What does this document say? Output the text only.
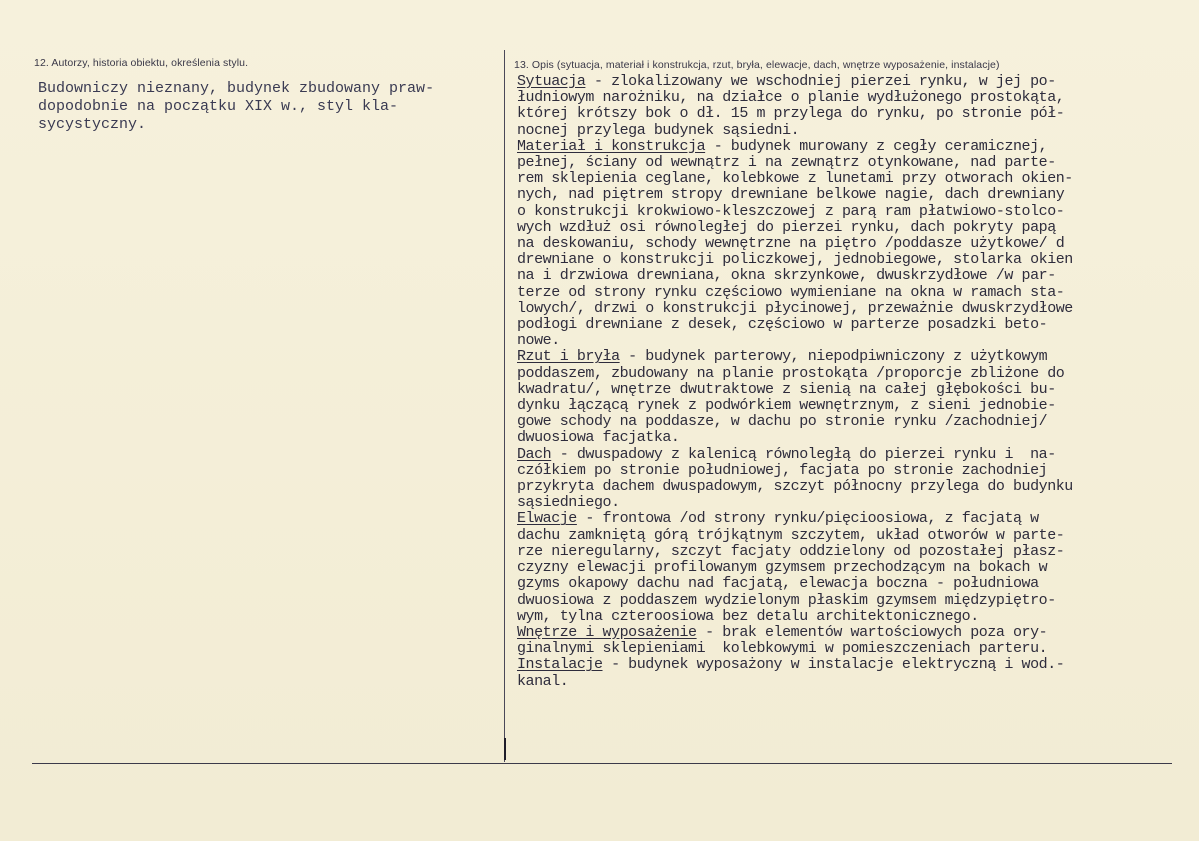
12. Autorzy, historia obiektu, określenia stylu.	13. Opis (sytuacja, materiał i konstrukcja, rzut, bryła, elewacje, dach, wnętrze wyposażenie, instalacje)
Budowniczy nieznany, budynek zbudowany praw-
dopodobnie na początku XIX w., styl kla-
sycystyczny.
Sytuacja - zlokalizowany we wschodniej pierzei rynku, w jej po-
łudniowym narożniku, na działce o planie wydłużonego prostokąta,
której krótszy bok o dł. 15 m przylega do rynku, po stronie pół-
nocnej przylega budynek sąsiedni.
Materiał i konstrukcja - budynek murowany z cegły ceramicznej,
pełnej, ściany od wewnątrz i na zewnątrz otynkowane, nad parte-
rem sklepienia ceglane, kolebkowe z lunetami przy otworach okien-
nych, nad piętrem stropy drewniane belkowe nagie, dach drewniany
o konstrukcji krokwiowo-kleszczowej z parą ram płatwiowo-stolco-
wych wzdłuż osi równoległej do pierzei rynku, dach pokryty papą
na deskowaniu, schody wewnętrzne na piętro /poddasze użytkowe/ d
drewniane o konstrukcji policzkowej, jednobiegowe, stolarka okien
na i drzwiowa drewniana, okna skrzynkowe, dwuskrzydłowe /w par-
terze od strony rynku częściowo wymieniane na okna w ramach sta-
lowych/, drzwi o konstrukcji płycinowej, przeważnie dwuskrzydłowe
podłogi drewniane z desek, częściowo w parterze posadzki beto-
nowe.
Rzut i bryła - budynek parterowy, niepodpiwniczony z użytkowym
poddaszem, zbudowany na planie prostokąta /proporcje zbliżone do
kwadratu/, wnętrze dwutraktowe z sienią na całej głębokości bu-
dynku łączącą rynek z podwórkiem wewnętrznym, z sieni jednobie-
gowe schody na poddasze, w dachu po stronie rynku /zachodniej/
dwuosiowa facjatka.
Dach - dwuspadowy z kalenicą równoległą do pierzei rynku i  na-
czółkiem po stronie południowej, facjata po stronie zachodniej
przykryta dachem dwuspadowym, szczyt północny przylega do budynku
sąsiedniego.
Elwacje - frontowa /od strony rynku/pięcioosiowa, z facjatą w
dachu zamkniętą górą trójkątnym szczytem, układ otworów w parte-
rze nieregularny, szczyt facjaty oddzielony od pozostałej płasz-
czyzny elewacji profilowanym gzymsem przechodzącym na bokach w
gzyms okapowy dachu nad facjatą, elewacja boczna - południowa
dwuosiowa z poddaszem wydzielonym płaskim gzymsem międzypiętro-
wym, tylna czteroosiowa bez detalu architektonicznego.
Wnętrze i wyposażenie - brak elementów wartościowych poza ory-
ginalnymi sklepieniami  kolebkowymi w pomieszczeniach parteru.
Instalacje - budynek wyposażony w instalacje elektryczną i wod.-
kanal.
